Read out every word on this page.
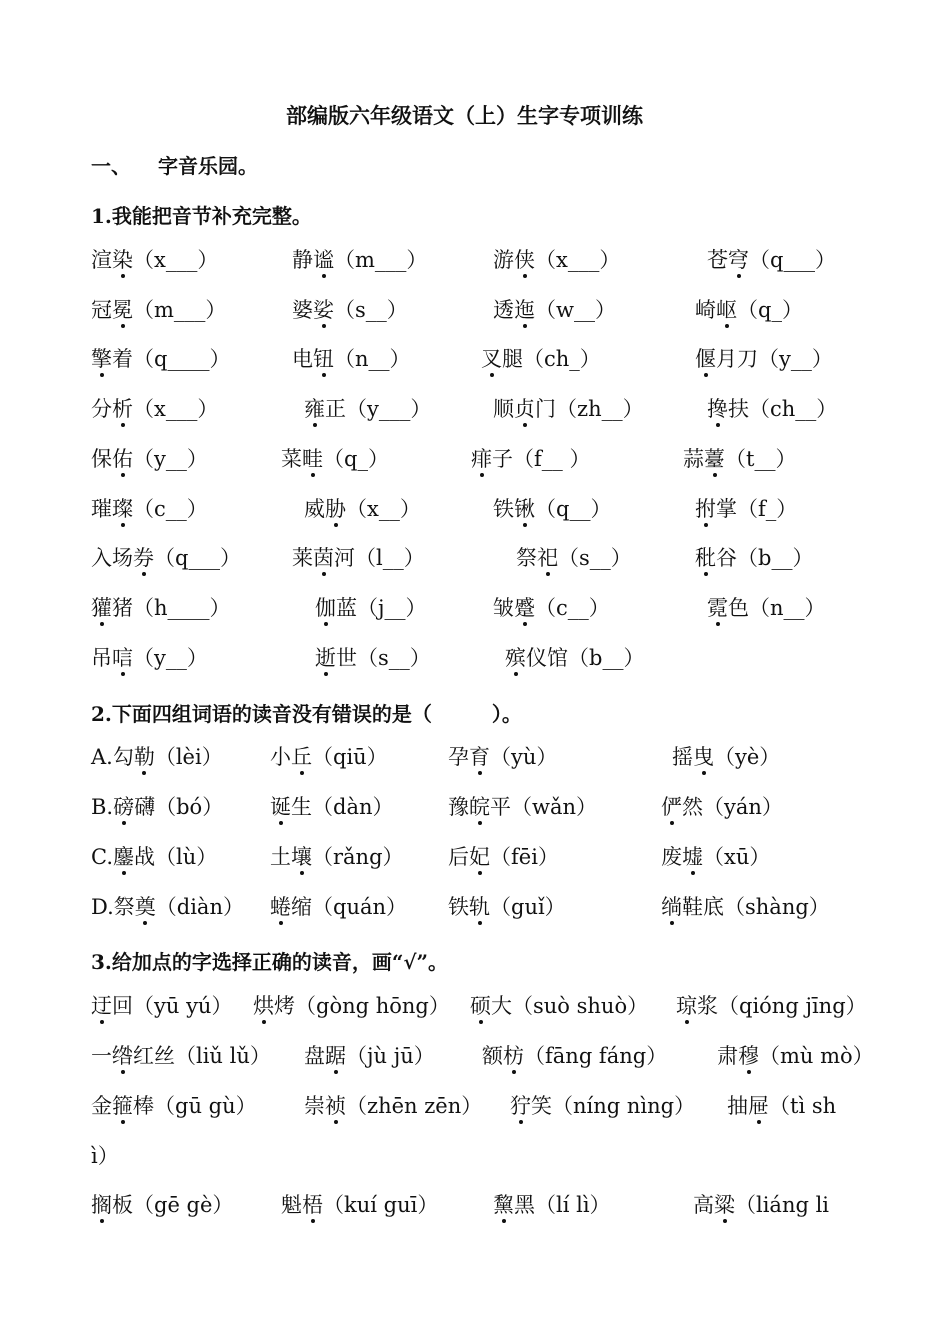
部编版六年级语文（上）生字专项训练
一、 字音乐园。
1.我能把音节补充完整。
渲染（x___）	静谧（m___）	游侠（x___）	苍穹（q___）
冠冕（m___）	婆娑（s__）	透迤（w__）	崎岖（q_）
擎着（q____）	电钮（n__）	叉腿（ch_）	偃月刀（y__）
分析（x___）	雍正（y___）	顺贞门（zh__）	搀扶（ch__）
保佑（y__）	菜畦（q_）	痱子（f__ ）	蒜薹（t__）
璀璨（c__）	威胁（x__）	铁锹（q__）	拊掌（f_）
入场券（q___） 莱茵河（l__）	祭祀（s__）	秕谷（b__）
獾猪（h____）	伽蓝（j__）	皱蹙（c__）	霓色（n__）
吊唁（y__）	逝世（s__）	殡仪馆（b__）
2.下面四组词语的读音没有错误的是（　　　）。
A.勾勒（lèi） 小丘（qiū）	孕育（yù）	摇曳（yè）
B.磅礴（bó） 诞生（dàn）	豫皖平（wǎn）	俨然（yán）
C.鏖战（lù）	土壤（rǎng） 后妃（fēi）	废墟（xū）
D.祭奠（diàn） 蜷缩（quán） 铁轨（guǐ）	绱鞋底（shàng）
3.给加点的字选择正确的读音，画“√”。
迂回（yū yú） 烘烤（gòng hōng） 硕大（suò shuò） 琼浆（qióng jīng）
一绺红丝（liǔ lǔ） 盘踞（jù jū） 额枋（fāng fáng） 肃穆（mù mò）
金箍棒（gū gù） 崇祯（zhēn zēn） 狞笑（níng nìng） 抽屉（tì sh
ì）
搁板（gē gè） 魁梧（kuí guī）	黧黑（lí lì）	高粱（liáng li
